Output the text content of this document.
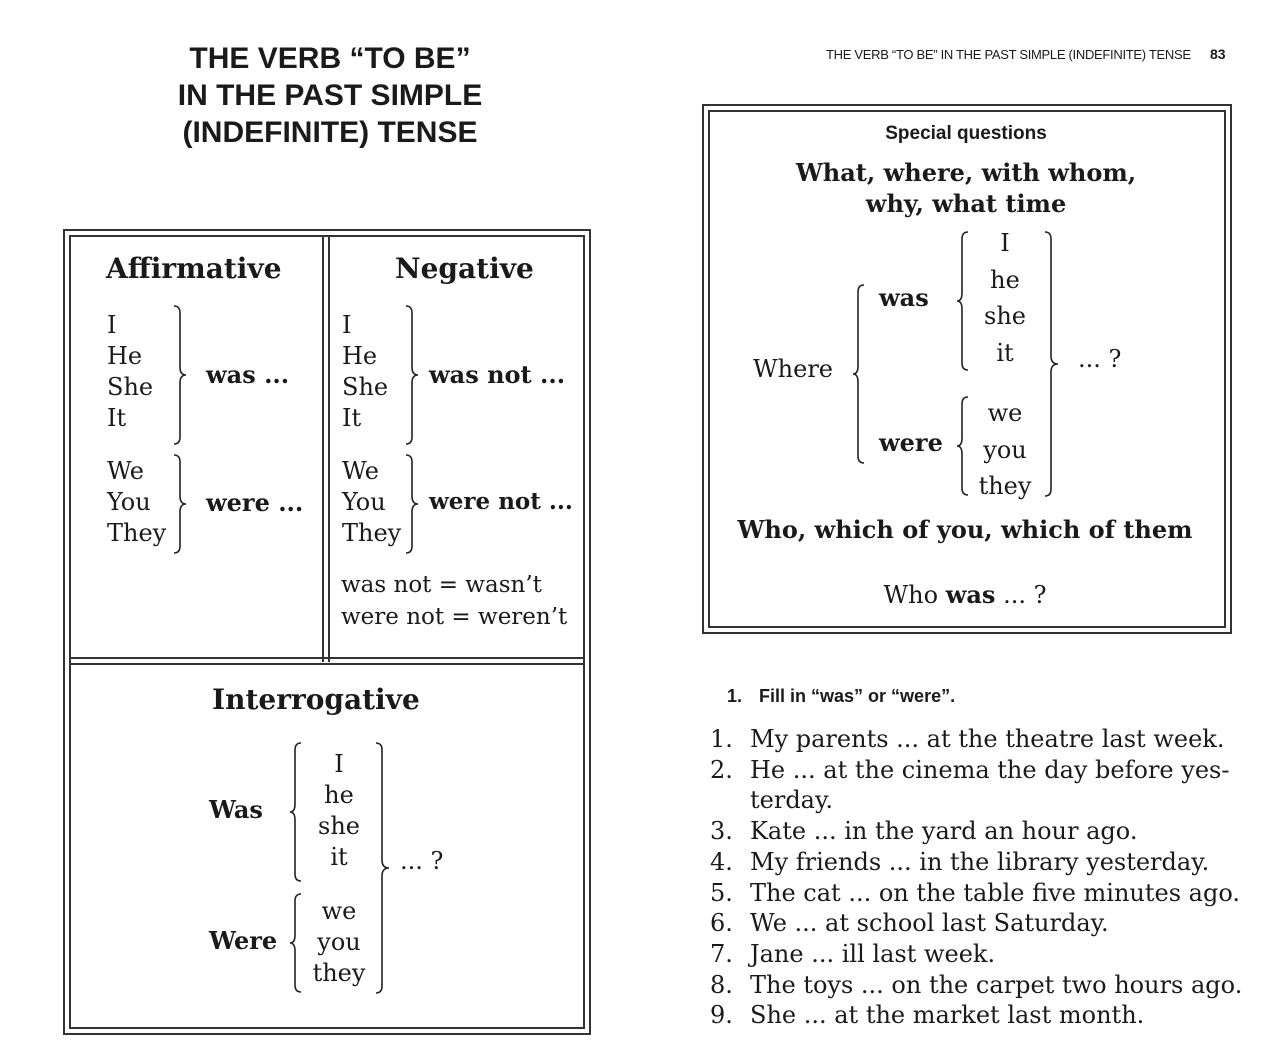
THE VERB “TO BE”
IN THE PAST SIMPLE
(INDEFINITE) TENSE
Affirmative
I
He
She
It
was ...
We
You
They
were ...
Negative
I
He
She
It
was not ...
We
You
They
were not ...
was not = wasn’t
were not = weren’t
Interrogative
Was
I
he
she
it
Were
we
you
they
... ?
THE VERB “TO BE” IN THE PAST SIMPLE (INDEFINITE) TENSE 83
Special questions
What, where, with whom,
why, what time
Where
was
I
he
she
it
were
we
you
they
... ?
Who, which of you, which of them
Who was ... ?
1. Fill in “was” or “were”.
1. My parents ... at the theatre last week.
2. He ... at the cinema the day before yes-
terday.
3. Kate ... in the yard an hour ago.
4. My friends ... in the library yesterday.
5. The cat ... on the table five minutes ago.
6. We ... at school last Saturday.
7. Jane ... ill last week.
8. The toys ... on the carpet two hours ago.
9. She ... at the market last month.
